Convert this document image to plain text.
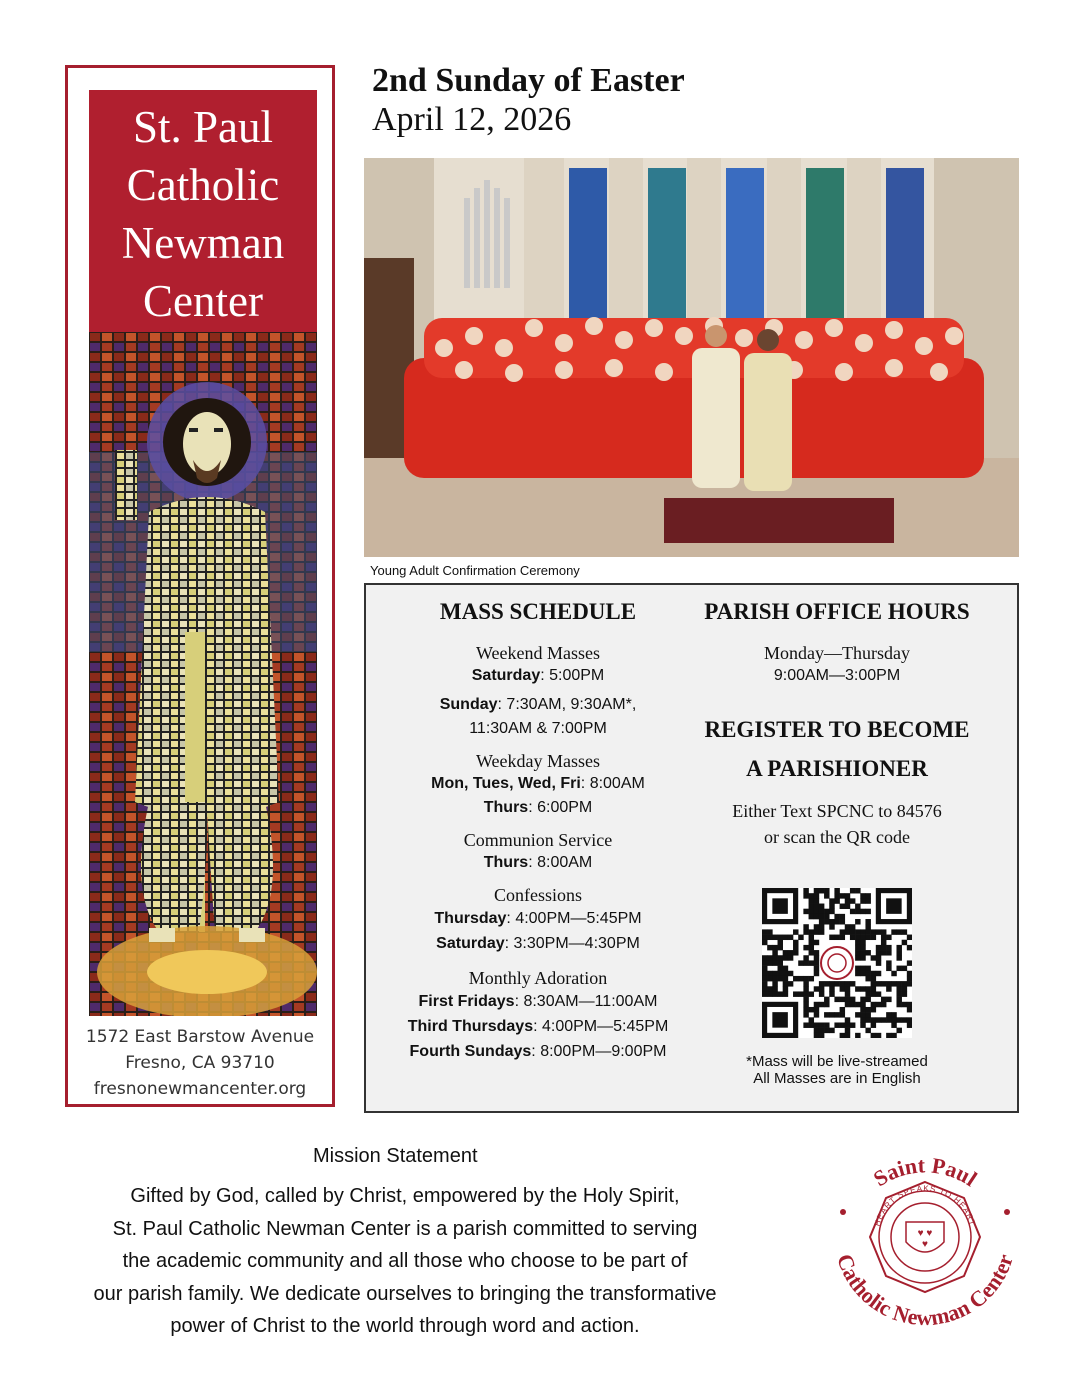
St. Paul
Catholic
Newman
Center
1572 East Barstow Avenue
Fresno, CA 93710
fresnonewmancenter.org
2nd Sunday of Easter
April 12, 2026
Young Adult Confirmation Ceremony
MASS SCHEDULE
Weekend Masses
Saturday: 5:00PM
Sunday: 7:30AM, 9:30AM*,
11:30AM & 7:00PM
Weekday Masses
Mon, Tues, Wed, Fri: 8:00AM
Thurs: 6:00PM
Communion Service
Thurs: 8:00AM
Confessions
Thursday: 4:00PM—5:45PM
Saturday: 3:30PM—4:30PM
Monthly Adoration
First Fridays: 8:30AM—11:00AM
Third Thursdays: 4:00PM—5:45PM
Fourth Sundays: 8:00PM—9:00PM
PARISH OFFICE HOURS
Monday—Thursday
9:00AM—3:00PM
REGISTER TO BECOME
A PARISHIONER
Either Text SPCNC to 84576
or scan the QR code
*Mass will be live-streamed
All Masses are in English
Mission Statement
Gifted by God, called by Christ, empowered by the Holy Spirit,
St. Paul Catholic Newman Center is a parish committed to serving
the academic community and all those who choose to be part of
our parish family. We dedicate ourselves to bringing the transformative
power of Christ to the world through word and action.
Saint Paul
Catholic Newman Center
HEART SPEAKS TO HEART
♥ ♥
♥
